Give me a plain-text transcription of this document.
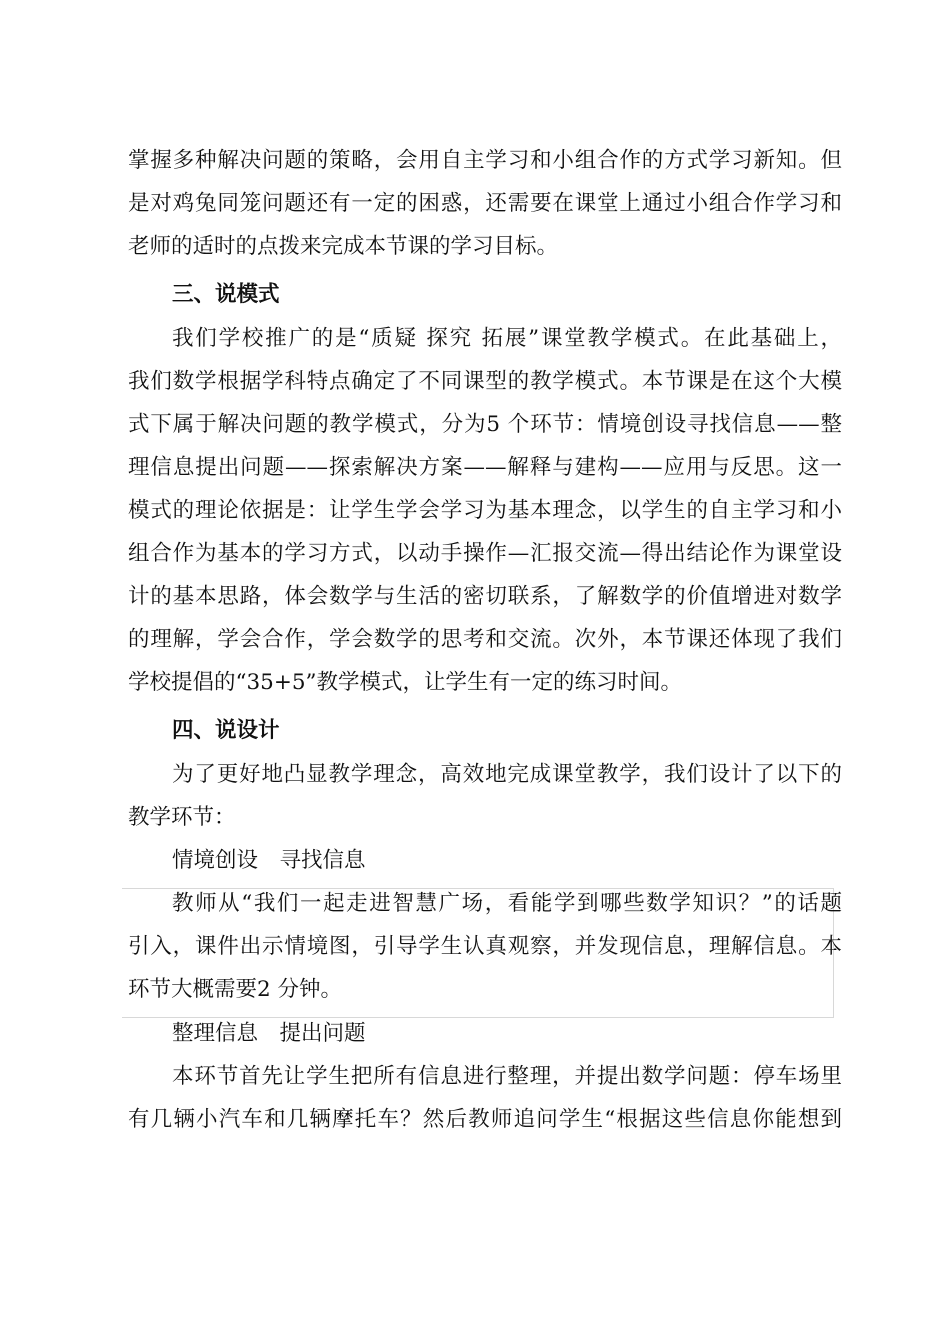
掌握多种解决问题的策略，会用自主学习和小组合作的方式学习新知。但
是对鸡兔同笼问题还有一定的困惑，还需要在课堂上通过小组合作学习和
老师的适时的点拨来完成本节课的学习目标。
三、说模式
我们学校推广的是“质疑 探究 拓展”课堂教学模式。在此基础上，
我们数学根据学科特点确定了不同课型的教学模式。本节课是在这个大模
式下属于解决问题的教学模式，分为5 个环节：情境创设寻找信息——整
理信息提出问题——探索解决方案——解释与建构——应用与反思。这一
模式的理论依据是：让学生学会学习为基本理念，以学生的自主学习和小
组合作为基本的学习方式，以动手操作—汇报交流—得出结论作为课堂设
计的基本思路，体会数学与生活的密切联系，了解数学的价值增进对数学
的理解，学会合作，学会数学的思考和交流。次外，本节课还体现了我们
学校提倡的“35+5”教学模式，让学生有一定的练习时间。
四、说设计
为了更好地凸显教学理念，高效地完成课堂教学，我们设计了以下的
教学环节：
情境创设　寻找信息
教师从“我们一起走进智慧广场，看能学到哪些数学知识？”的话题
引入，课件出示情境图，引导学生认真观察，并发现信息，理解信息。本
环节大概需要2 分钟。
整理信息　提出问题
本环节首先让学生把所有信息进行整理，并提出数学问题：停车场里
有几辆小汽车和几辆摩托车？然后教师追问学生“根据这些信息你能想到
